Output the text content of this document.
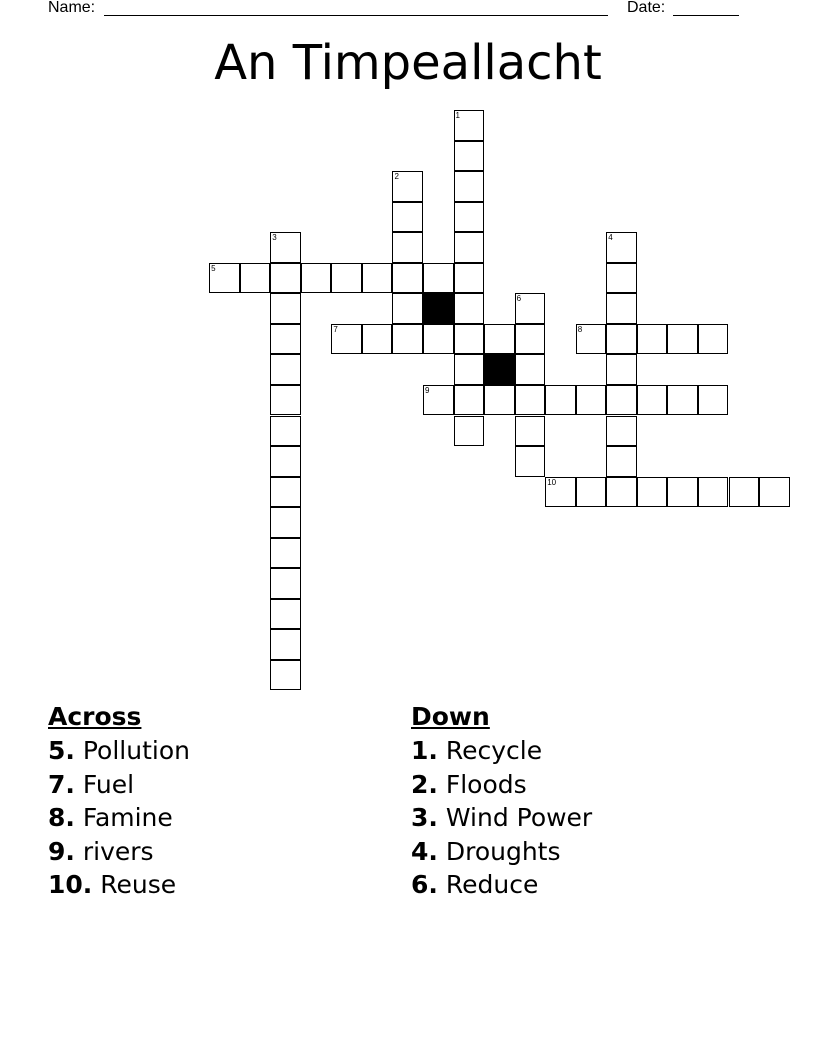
Name:	Date:
An Timpeallacht
1
2
3	4
5
6
7	8
9
10
Across
5. Pollution
7. Fuel
8. Famine
9. rivers
10. Reuse
Down
1. Recycle
2. Floods
3. Wind Power
4. Droughts
6. Reduce
